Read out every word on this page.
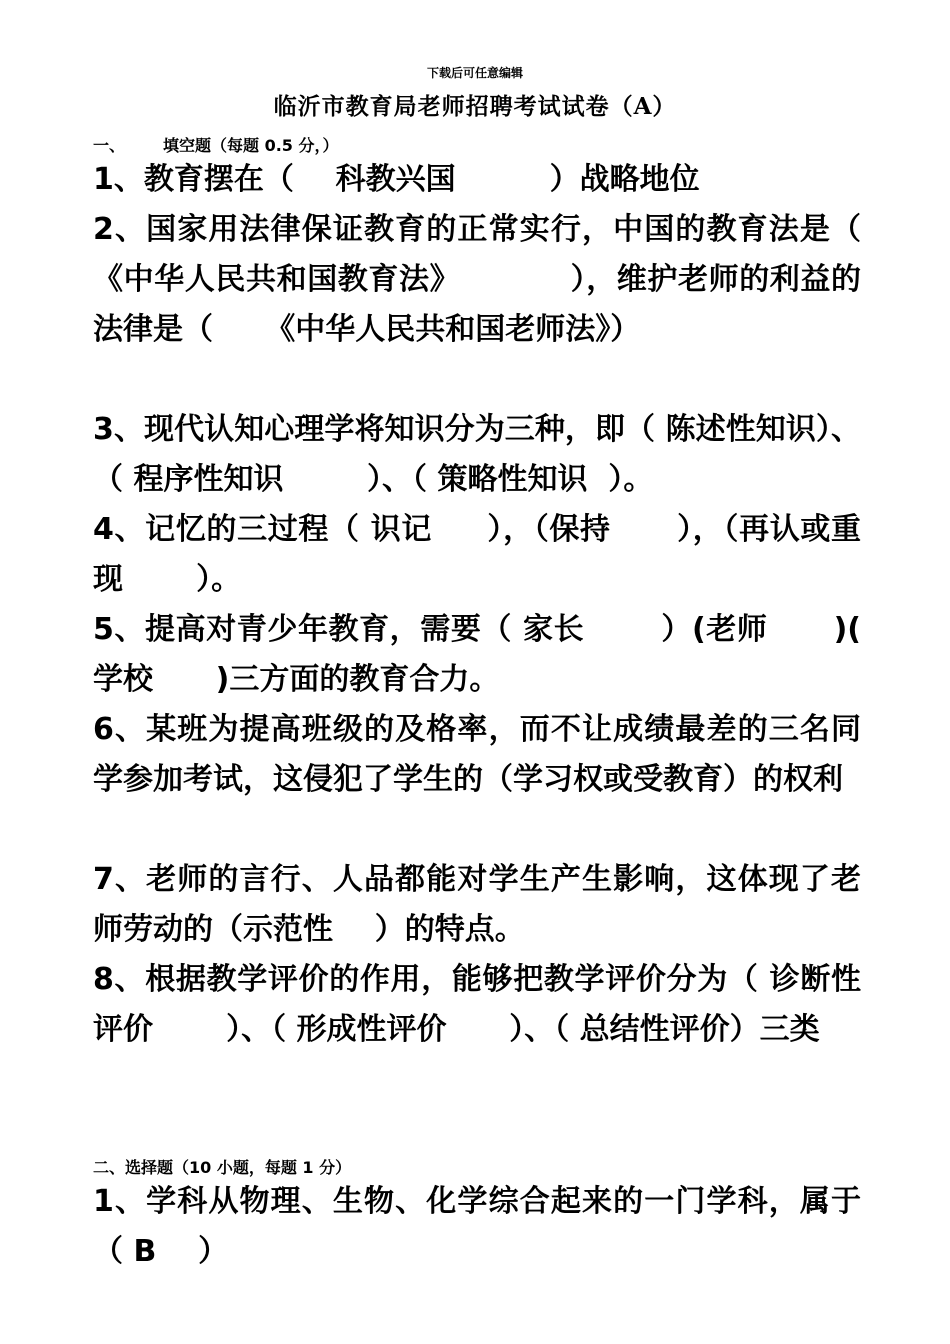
下载后可任意编辑
临沂市教育局老师招聘考试试卷（A）
一、 填空题（每题 0.5 分，）
1、教育摆在（    科教兴国         ）战略地位
2、国家用法律保证教育的正常实行，中国的教育法是（  《中华人民共和国教育法》          ），维护老师的利益的法律是（     《中华人民共和国老师法》）
3、现代认知心理学将知识分为三种，即（ 陈述性知识）、（ 程序性知识        ）、（ 策略性知识  ）。
4、记忆的三过程（ 识记     ），（保持      ），（再认或重现       ）。
5、提高对青少年教育，需要（ 家长       ）(老师      )( 学校      )三方面的教育合力。
6、某班为提高班级的及格率，而不让成绩最差的三名同学参加考试，这侵犯了学生的（学习权或受教育）的权利
7、老师的言行、人品都能对学生产生影响，这体现了老师劳动的（示范性    ）的特点。
8、根据教学评价的作用，能够把教学评价分为（ 诊断性评价       ）、（ 形成性评价      ）、（ 总结性评价）三类
二、选择题（10 小题，每题 1 分）
1、学科从物理、生物、化学综合起来的一门学科，属于（ B    ）
